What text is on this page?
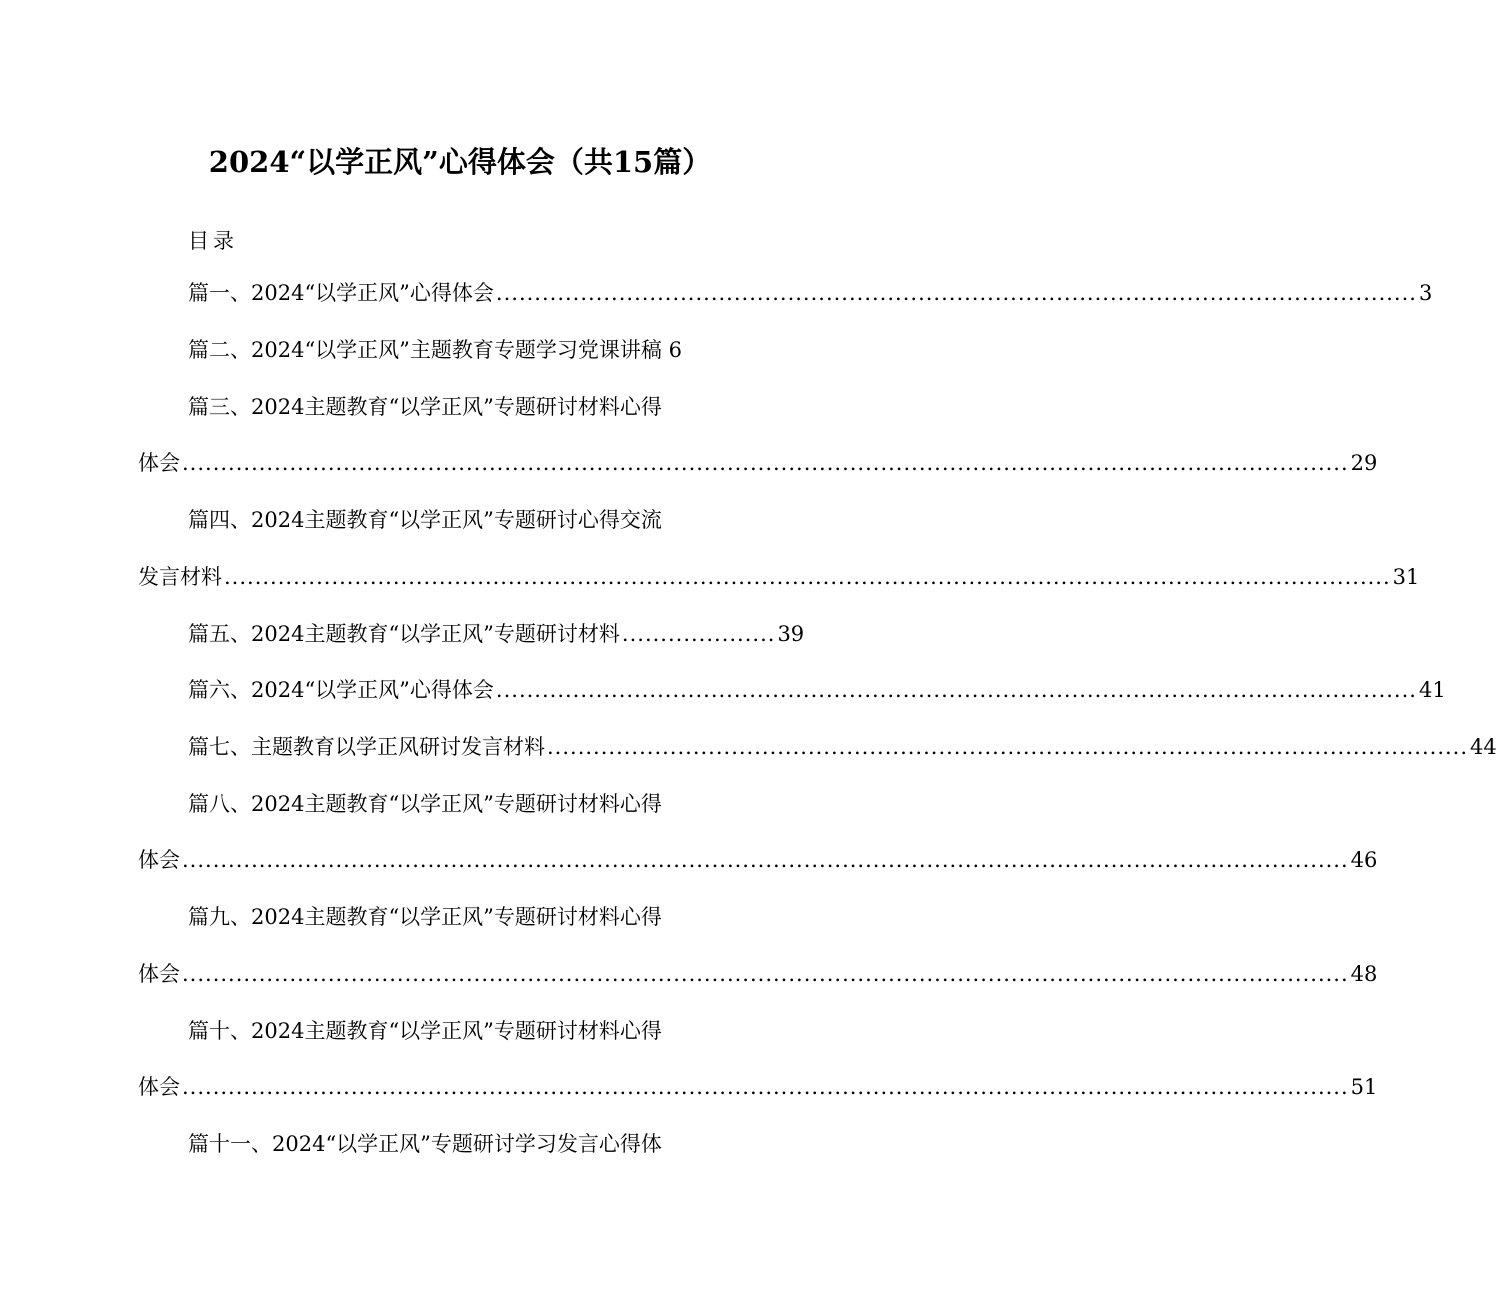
2024“以学正风”心得体会（共15篇）
目录
篇一、2024“以学正风”心得体会 ........................................................................................................................ 3
篇二、2024“以学正风”主题教育专题学习党课讲稿 6
篇三、2024主题教育“以学正风”专题研讨材料心得
体会 ........................................................................................................................................................ 29
篇四、2024主题教育“以学正风”专题研讨心得交流
发言材料 ........................................................................................................................................................ 31
篇五、2024主题教育“以学正风”专题研讨材料 .................... 39
篇六、2024“以学正风”心得体会 ........................................................................................................................ 41
篇七、主题教育以学正风研讨发言材料 ........................................................................................................................ 44
篇八、2024主题教育“以学正风”专题研讨材料心得
体会 ........................................................................................................................................................ 46
篇九、2024主题教育“以学正风”专题研讨材料心得
体会 ........................................................................................................................................................ 48
篇十、2024主题教育“以学正风”专题研讨材料心得
体会 ........................................................................................................................................................ 51
篇十一、2024“以学正风”专题研讨学习发言心得体
